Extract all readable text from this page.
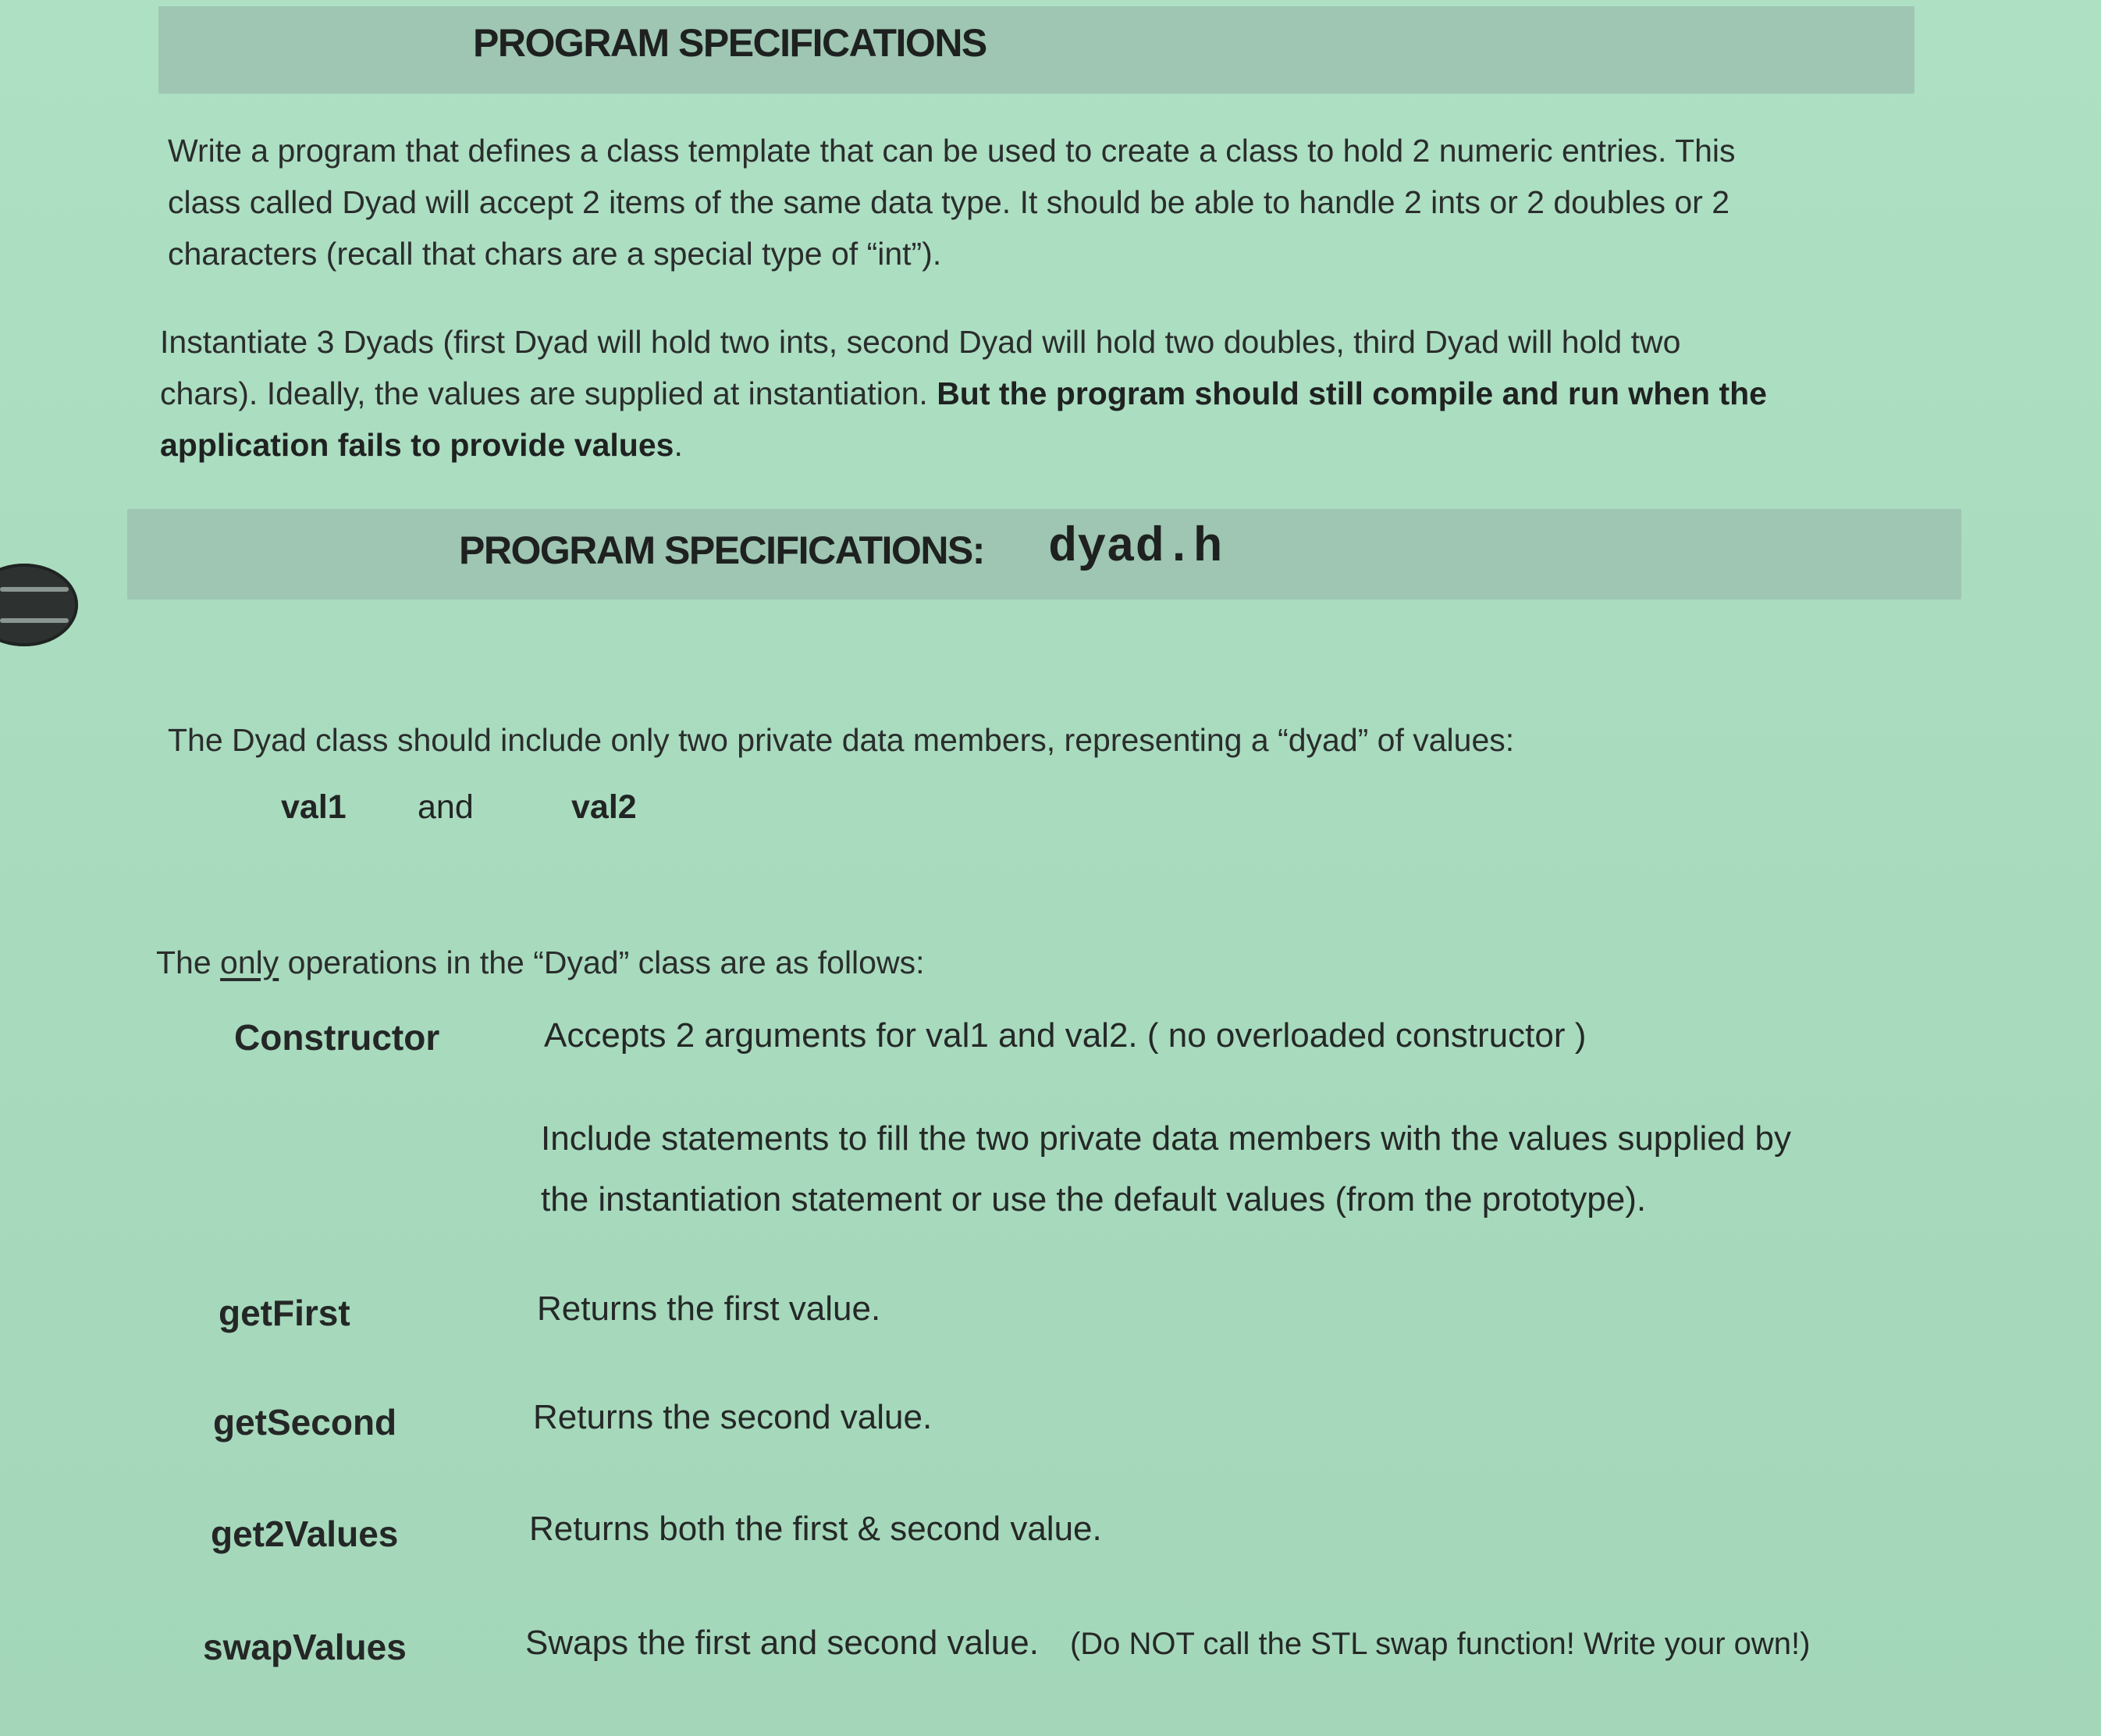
PROGRAM SPECIFICATIONS
Write a program that defines a class template that can be used to create a class to hold 2 numeric entries. This
class called Dyad will accept 2 items of the same data type. It should be able to handle 2 ints or 2 doubles or 2
characters (recall that chars are a special type of “int”).
Instantiate 3 Dyads (first Dyad will hold two ints, second Dyad will hold two doubles, third Dyad will hold two
chars). Ideally, the values are supplied at instantiation. But the program should still compile and run when the
application fails to provide values.
PROGRAM SPECIFICATIONS: dyad.h
The Dyad class should include only two private data members, representing a “dyad” of values:
val1 and	val2
The only operations in the “Dyad” class are as follows:
Constructor	Accepts 2 arguments for val1 and val2. ( no overloaded constructor )
Include statements to fill the two private data members with the values supplied by
the instantiation statement or use the default values (from the prototype).
getFirst	Returns the first value.
getSecond	Returns the second value.
get2Values	Returns both the first & second value.
swapValues	Swaps the first and second value. (Do NOT call the STL swap function! Write your own!)
